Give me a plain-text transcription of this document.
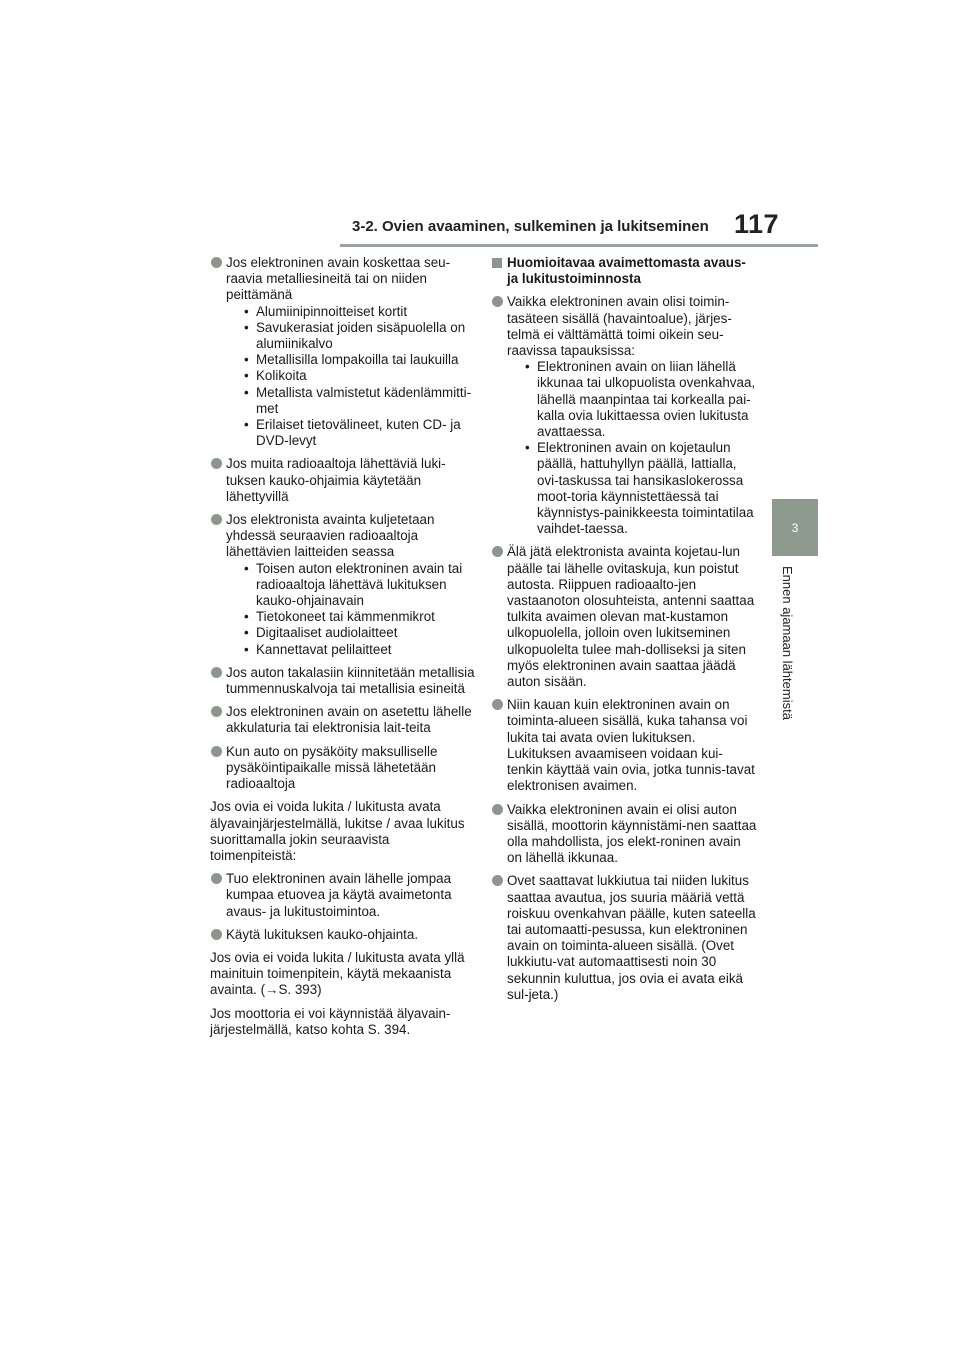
3-2. Ovien avaaminen, sulkeminen ja lukitseminen 117
3
Ennen ajamaan lähtemistä
Jos elektroninen avain koskettaa seu-raavia metalliesineitä tai on niiden peittämänä
• Alumiinipinnoitteiset kortit
• Savukerasiat joiden sisäpuolella on alumiinikalvo
• Metallisilla lompakoilla tai laukuilla
• Kolikoita
• Metallista valmistetut kädenlämmitti-met
• Erilaiset tietovälineet, kuten CD- ja DVD-levyt
Jos muita radioaaltoja lähettäviä luki-tuksen kauko-ohjaimia käytetään lähettyvillä
Jos elektronista avainta kuljetetaan yhdessä seuraavien radioaaltoja lähettävien laitteiden seassa
• Toisen auton elektroninen avain tai radioaaltoja lähettävä lukituksen kauko-ohjainavain
• Tietokoneet tai kämmenmikrot
• Digitaaliset audiolaitteet
• Kannettavat pelilaitteet
Jos auton takalasiin kiinnitetään metallisia tummennuskalvoja tai metallisia esineitä
Jos elektroninen avain on asetettu lähelle akkulaturia tai elektronisia lait-teita
Kun auto on pysäköity maksulliselle pysäköintipaikalle missä lähetetään radioaaltoja

Jos ovia ei voida lukita / lukitusta avata älyavainjärjestelmällä, lukitse / avaa lukitus suorittamalla jokin seuraavista toimenpiteistä:

Tuo elektroninen avain lähelle jompaa kumpaa etuovea ja käytä avaimetonta avaus- ja lukitustoimintoa.
Käytä lukituksen kauko-ohjainta.

Jos ovia ei voida lukita / lukitusta avata yllä mainituin toimenpitein, käytä mekaanista avainta. (→S. 393)

Jos moottoria ei voi käynnistää älyavain-järjestelmällä, katso kohta S. 394.

Huomioitavaa avaimettomasta avaus- ja lukitustoiminnosta
Vaikka elektroninen avain olisi toimin-tasäteen sisällä (havaintoalue), järjes-telmä ei välttämättä toimi oikein seu-raavissa tapauksissa:
• Elektroninen avain on liian lähellä ikkunaa tai ulkopuolista ovenkahvaa, lähellä maanpintaa tai korkealla pai-kalla ovia lukittaessa ovien lukitusta avattaessa.
• Elektroninen avain on kojetaulun päällä, hattuhyllyn päällä, lattialla, ovi-taskussa tai hansikaslokerossa moot-toria käynnistettäessä tai käynnistys-painikkeesta toimintatilaa vaihdet-taessa.
Älä jätä elektronista avainta kojetau-lun päälle tai lähelle ovitaskuja, kun poistut autosta. Riippuen radioaalto-jen vastaanoton olosuhteista, antenni saattaa tulkita avaimen olevan mat-kustamon ulkopuolella, jolloin oven lukitseminen ulkopuolelta tulee mah-dolliseksi ja siten myös elektroninen avain saattaa jäädä auton sisään.
Niin kauan kuin elektroninen avain on toiminta-alueen sisällä, kuka tahansa voi lukita tai avata ovien lukituksen. Lukituksen avaamiseen voidaan kui-tenkin käyttää vain ovia, jotka tunnis-tavat elektronisen avaimen.
Vaikka elektroninen avain ei olisi auton sisällä, moottorin käynnistämi-nen saattaa olla mahdollista, jos elekt-roninen avain on lähellä ikkunaa.
Ovet saattavat lukkiutua tai niiden lukitus saattaa avautua, jos suuria määriä vettä roiskuu ovenkahvan päälle, kuten sateella tai automaatti-pesussa, kun elektroninen avain on toiminta-alueen sisällä. (Ovet lukkiutu-vat automaattisesti noin 30 sekunnin kuluttua, jos ovia ei avata eikä sul-jeta.)
